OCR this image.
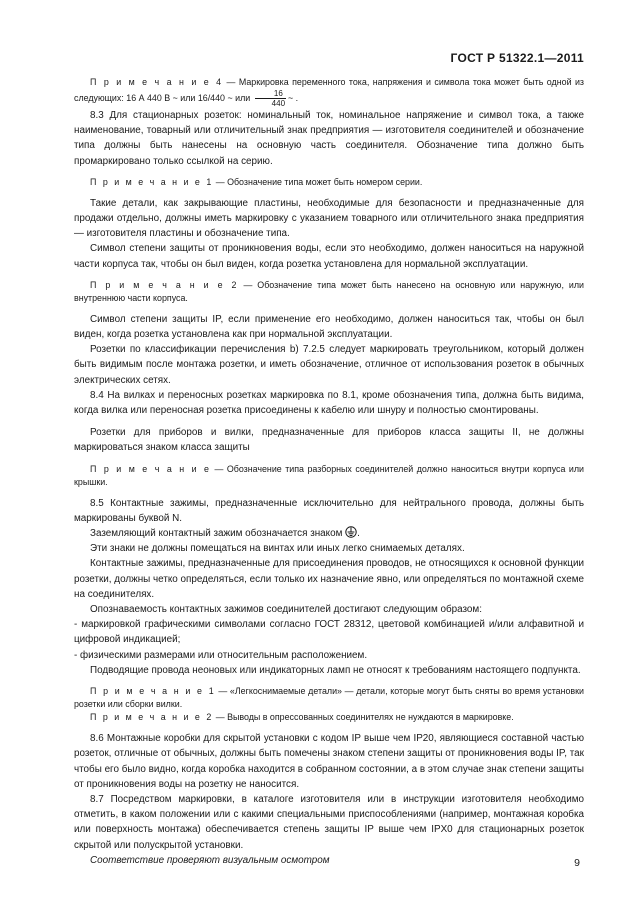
ГОСТ Р 51322.1—2011

П р и м е ч а н и е 4 — Маркировка переменного тока, напряжения и символа тока может быть одной из следующих: 16 А 440 В ~ или 16/440 ~ или $\frac{16}{440}$ ~ .

8.3 Для стационарных розеток: номинальный ток, номинальное напряжение и символ тока, а также наименование, товарный или отличительный знак предприятия — изготовителя соединителей и обозначение типа должны быть нанесены на основную часть соединителя. Обозначение типа должно быть промаркировано только ссылкой на серию.

П р и м е ч а н и е 1 — Обозначение типа может быть номером серии.

Такие детали, как закрывающие пластины, необходимые для безопасности и предназначенные для продажи отдельно, должны иметь маркировку с указанием товарного или отличительного знака предприятия — изготовителя пластины и обозначение типа.

Символ степени защиты от проникновения воды, если это необходимо, должен наноситься на наружной части корпуса так, чтобы он был виден, когда розетка установлена для нормальной эксплуатации.

П р и м е ч а н и е 2 — Обозначение типа может быть нанесено на основную или наружную, или внутреннюю части корпуса.

Символ степени защиты IP, если применение его необходимо, должен наноситься так, чтобы он был виден, когда розетка установлена как при нормальной эксплуатации.

Розетки по классификации перечисления b) 7.2.5 следует маркировать треугольником, который должен быть видимым после монтажа розетки, и иметь обозначение, отличное от использования розеток в обычных электрических сетях.

8.4 На вилках и переносных розетках маркировка по 8.1, кроме обозначения типа, должна быть видима, когда вилка или переносная розетка присоединены к кабелю или шнуру и полностью смонтированы.

Розетки для приборов и вилки, предназначенные для приборов класса защиты II, не должны маркироваться знаком класса защиты

П р и м е ч а н и е — Обозначение типа разборных соединителей должно наноситься внутри корпуса или крышки.

8.5 Контактные зажимы, предназначенные исключительно для нейтрального провода, должны быть маркированы буквой N.

Заземляющий контактный зажим обозначается знаком .

Эти знаки не должны помещаться на винтах или иных легко снимаемых деталях.

Контактные зажимы, предназначенные для присоединения проводов, не относящихся к основной функции розетки, должны четко определяться, если только их назначение явно, или определяться по монтажной схеме на соединителях.

Опознаваемость контактных зажимов соединителей достигают следующим образом:

- маркировкой графическими символами согласно ГОСТ 28312, цветовой комбинацией и/или алфавитной и цифровой индикацией;

- физическими размерами или относительным расположением.

Подводящие провода неоновых или индикаторных ламп не относят к требованиям настоящего подпункта.

П р и м е ч а н и е 1 — «Легкоснимаемые детали» — детали, которые могут быть сняты во время установки розетки или сборки вилки.

П р и м е ч а н и е 2 — Выводы в опрессованных соединителях не нуждаются в маркировке.

8.6 Монтажные коробки для скрытой установки с кодом IP выше чем IP20, являющиеся составной частью розеток, отличные от обычных, должны быть помечены знаком степени защиты от проникновения воды IP, так чтобы его было видно, когда коробка находится в собранном состоянии, а в этом случае знак степени защиты от проникновения воды на розетку не наносится.

8.7 Посредством маркировки, в каталоге изготовителя или в инструкции изготовителя необходимо отметить, в каком положении или с какими специальными приспособлениями (например, монтажная коробка или поверхность монтажа) обеспечивается степень защиты IP выше чем IPX0 для стационарных розеток скрытой или полускрытой установки.

Соответствие проверяют визуальным осмотром	9
